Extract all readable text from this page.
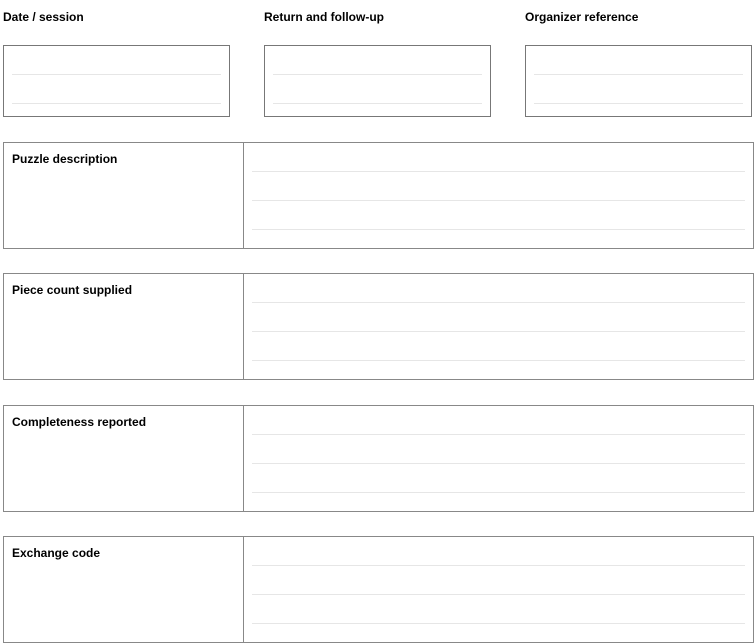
Date / session	Return and follow-up	Organizer reference
Puzzle description
Piece count supplied
Completeness reported
Exchange code
